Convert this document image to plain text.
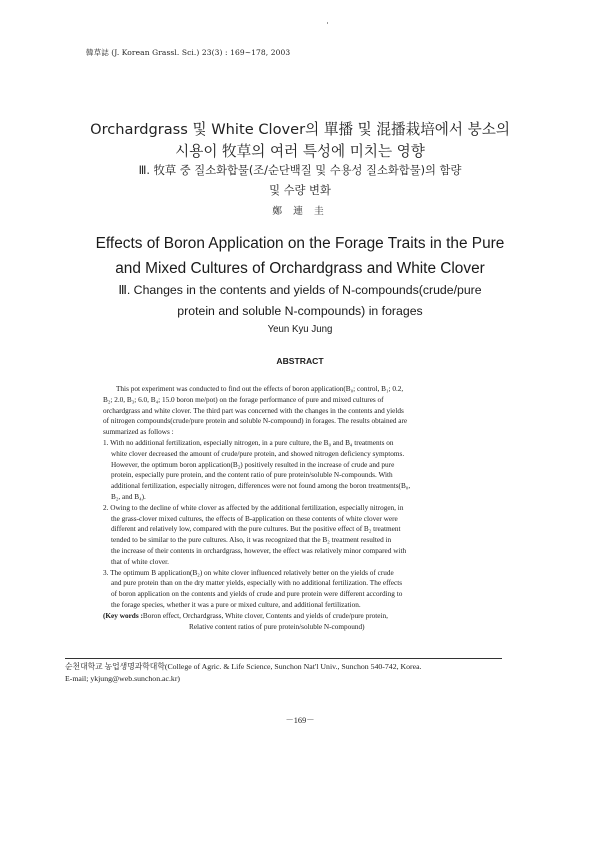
韓草誌 (J. Korean Grassl. Sci.) 23(3) : 169~178, 2003
Orchardgrass 및 White Clover의 單播 및 混播栽培에서 붕소의
시용이 牧草의 여러 특성에 미치는 영향
Ⅲ. 牧草 중 질소화합물(조/순단백질 및 수용성 질소화합물)의 함량
및 수량 변화
鄭 連 圭
Effects of Boron Application on the Forage Traits in the Pure
and Mixed Cultures of Orchardgrass and White Clover
Ⅲ. Changes in the contents and yields of N-compounds(crude/pure
protein and soluble N-compounds) in forages
Yeun Kyu Jung
ABSTRACT
This pot experiment was conducted to find out the effects of boron application(B₀; control, B₁; 0.2,
B₂; 2.0, B₃; 6.0, B₄; 15.0 boron me/pot) on the forage performance of pure and mixed cultures of
orchardgrass and white clover. The third part was concerned with the changes in the contents and yields
of nitrogen compounds(crude/pure protein and soluble N-compound) in forages. The results obtained are
summarized as follows :
1. With no additional fertilization, especially nitrogen, in a pure culture, the B₀ and B₄ treatments on
white clover decreased the amount of crude/pure protein, and showed nitrogen deficiency symptoms.
However, the optimum boron application(B₂) positively resulted in the increase of crude and pure
protein, especially pure protein, and the content ratio of pure protein/soluble N-compounds. With
additional fertilization, especially nitrogen, differences were not found among the boron treatments(B₀,
B₂, and B₄).
2. Owing to the decline of white clover as affected by the additional fertilization, especially nitrogen, in
the grass-clover mixed cultures, the effects of B-application on these contents of white clover were
different and relatively low, compared with the pure cultures. But the positive effect of B₂ treatment
tended to be similar to the pure cultures. Also, it was recognized that the B₂ treatment resulted in
the increase of their contents in orchardgrass, however, the effect was relatively minor compared with
that of white clover.
3. The optimum B application(B₂) on white clover influenced relatively better on the yields of crude
and pure protein than on the dry matter yields, especially with no additional fertilization. The effects
of boron application on the contents and yields of crude and pure protein were different according to
the forage species, whether it was a pure or mixed culture, and additional fertilization.
(Key words :Boron effect, Orchardgrass, White clover, Contents and yields of crude/pure protein,
Relative content ratios of pure protein/soluble N-compound)
순천대학교 농업생명과학대학(College of Agric. & Life Science, Sunchon Nat'l Univ., Sunchon 540-742, Korea.
E-mail; ykjung@web.sunchon.ac.kr)
－169－
